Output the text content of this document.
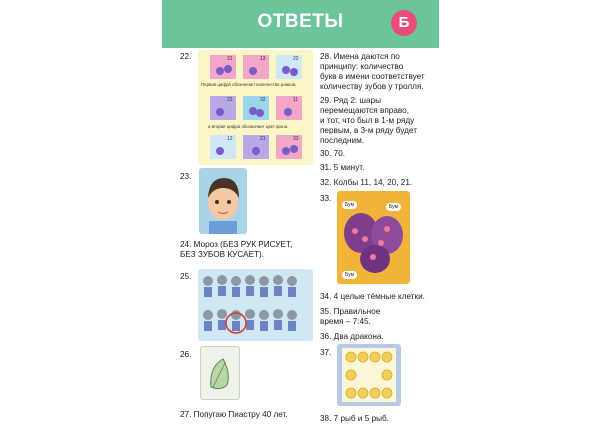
ОТВЕТЫ	Б
22.	31	13	22
23	32	11
12	21	33
Первая цифра обозначает количество рожков,
а вторая цифра обозначает цвет фона.
23.
24. Мороз (БЕЗ РУК РИСУЕТ,
БЕЗ ЗУБОВ КУСАЕТ).
25.
26.
27. Попугаю Пиастру 40 лет.
28. Имена даются по
принципу: количество
букв в имени соответствует
количеству зубов у тролля.
29. Ряд 2: шары
перемещаются вправо,
и тот, что был в 1-м ряду
первым, в 3-м ряду будет
последним.
30. 70.
31. 5 минут.
32. Колбы 11, 14, 20, 21.
33.
Бум	Бум
Бум
34. 4 целые тёмные клетки.
35. Правильное
время – 7:45.
36. Два дракона.
37.
38. 7 рыб и 5 рыб.
